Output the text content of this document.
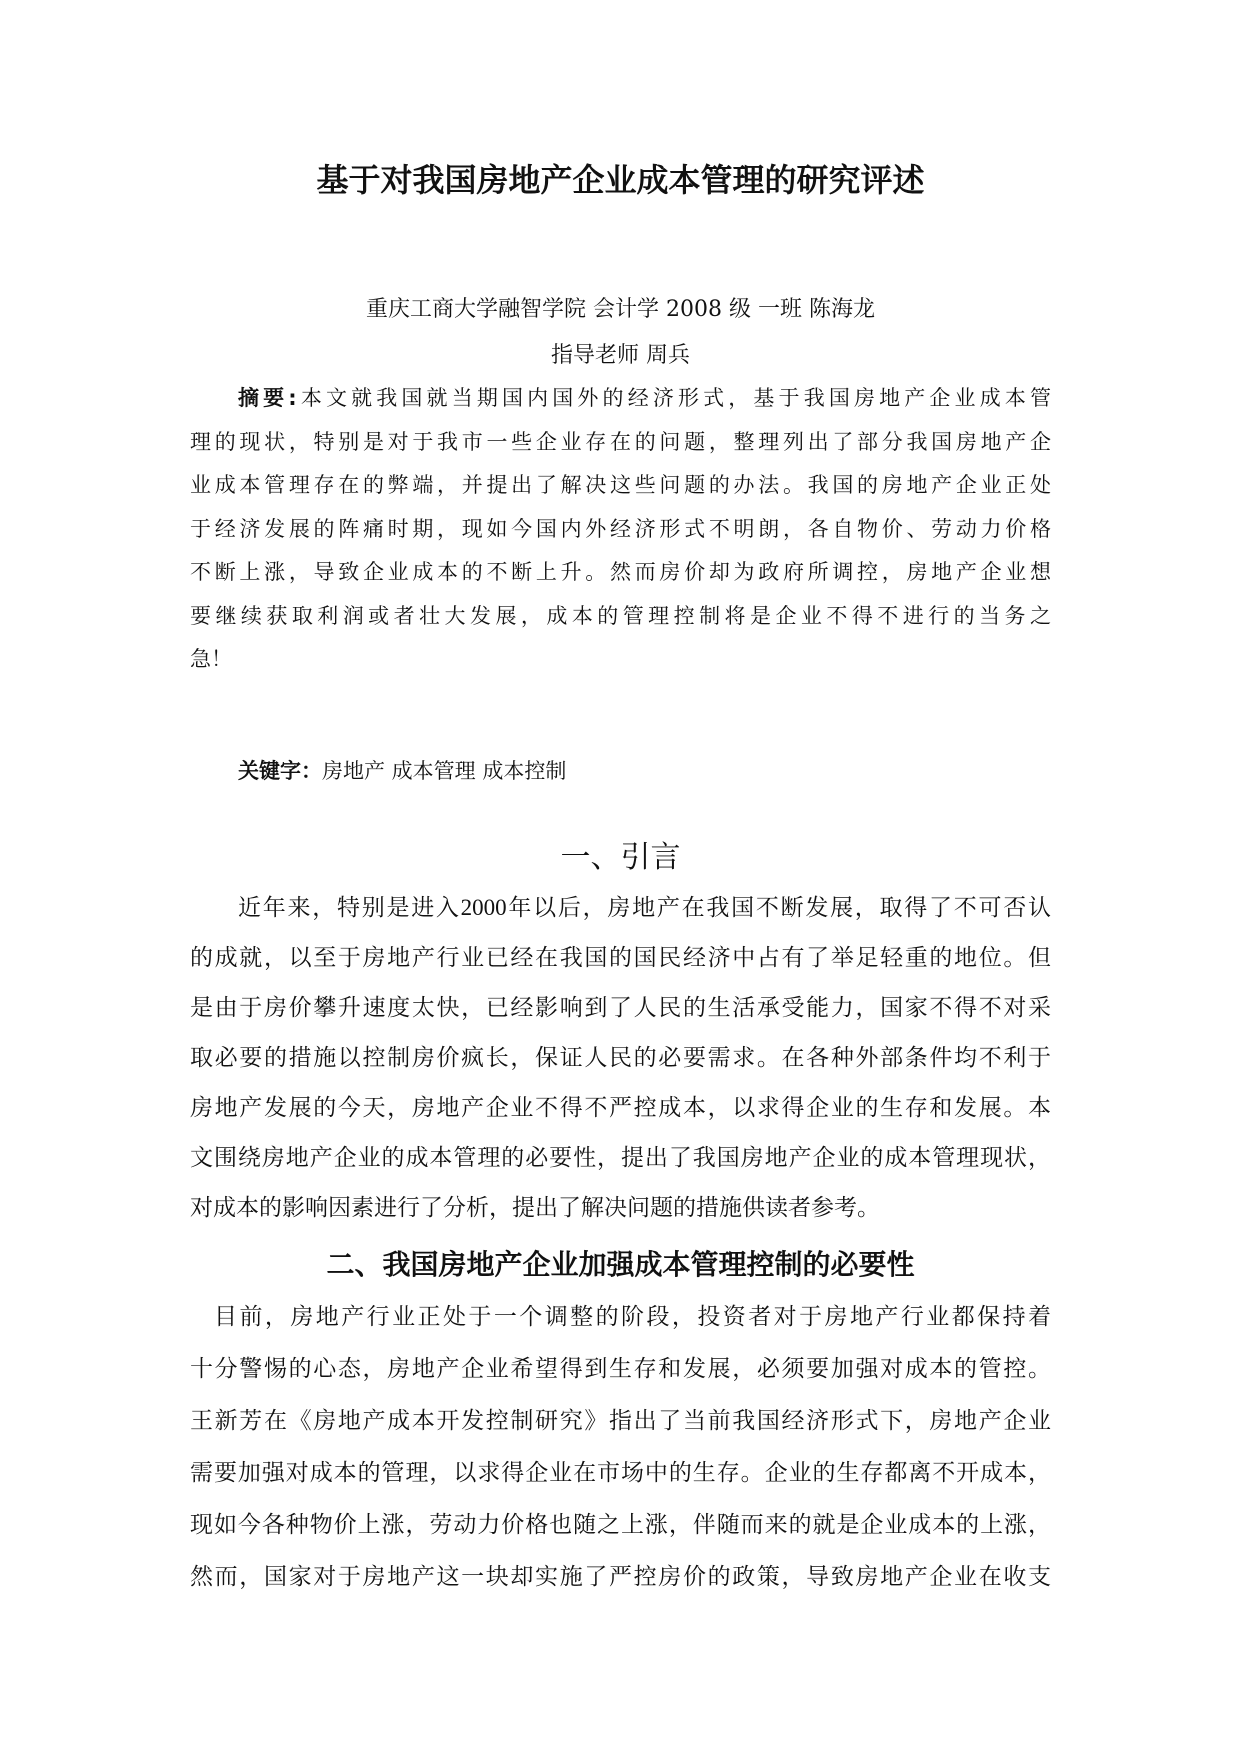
基于对我国房地产企业成本管理的研究评述
重庆工商大学融智学院 会计学 2008 级 一班 陈海龙
指导老师 周兵
摘要:本文就我国就当期国内国外的经济形式，基于我国房地产企业成本管
理的现状，特别是对于我市一些企业存在的问题，整理列出了部分我国房地产企
业成本管理存在的弊端，并提出了解决这些问题的办法。我国的房地产企业正处
于经济发展的阵痛时期，现如今国内外经济形式不明朗，各自物价、劳动力价格
不断上涨，导致企业成本的不断上升。然而房价却为政府所调控，房地产企业想
要继续获取利润或者壮大发展，成本的管理控制将是企业不得不进行的当务之
急！
关键字：房地产 成本管理 成本控制
一、引言
近年来，特别是进入2000年以后，房地产在我国不断发展，取得了不可否认
的成就，以至于房地产行业已经在我国的国民经济中占有了举足轻重的地位。但
是由于房价攀升速度太快，已经影响到了人民的生活承受能力，国家不得不对采
取必要的措施以控制房价疯长，保证人民的必要需求。在各种外部条件均不利于
房地产发展的今天，房地产企业不得不严控成本，以求得企业的生存和发展。本
文围绕房地产企业的成本管理的必要性，提出了我国房地产企业的成本管理现状，
对成本的影响因素进行了分析，提出了解决问题的措施供读者参考。
二、我国房地产企业加强成本管理控制的必要性
目前，房地产行业正处于一个调整的阶段，投资者对于房地产行业都保持着
十分警惕的心态，房地产企业希望得到生存和发展，必须要加强对成本的管控。
王新芳在《房地产成本开发控制研究》指出了当前我国经济形式下，房地产企业
需要加强对成本的管理，以求得企业在市场中的生存。企业的生存都离不开成本，
现如今各种物价上涨，劳动力价格也随之上涨，伴随而来的就是企业成本的上涨，
然而，国家对于房地产这一块却实施了严控房价的政策，导致房地产企业在收支
